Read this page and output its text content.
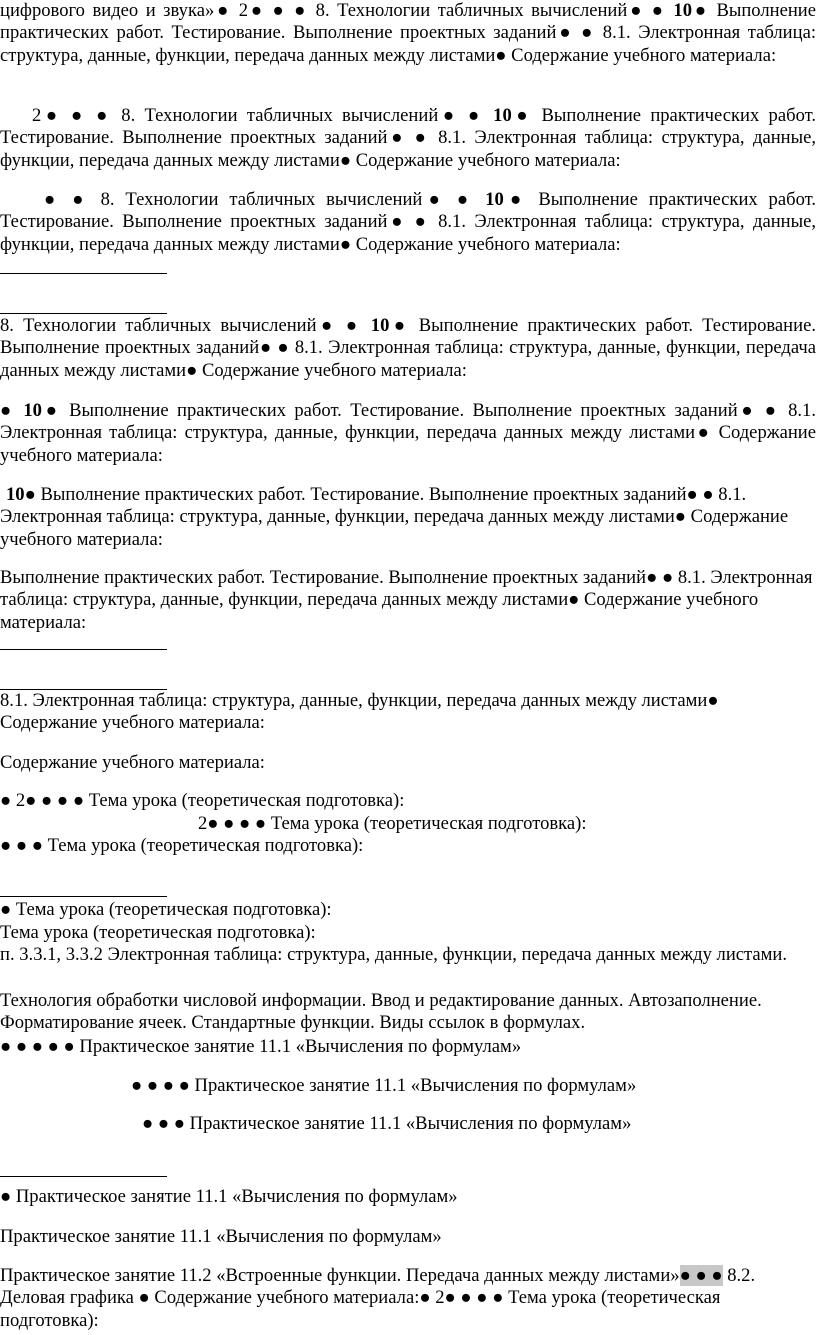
цифрового видео и звука»● 2● ● ● 8. Технологии табличных вычислений● ● 10● Выполнение практических работ. Тестирование. Выполнение проектных заданий● ● 8.1. Электронная таблица: структура, данные, функции, передача данных между листами● Содержание учебного материала:

2● ● ● 8. Технологии табличных вычислений● ● 10● Выполнение практических работ. Тестирование. Выполнение проектных заданий● ● 8.1. Электронная таблица: структура, данные, функции, передача данных между листами● Содержание учебного материала:

● ● 8. Технологии табличных вычислений● ● 10● Выполнение практических работ. Тестирование. Выполнение проектных заданий● ● 8.1. Электронная таблица: структура, данные, функции, передача данных между листами● Содержание учебного материала:

8. Технологии табличных вычислений● ● 10● Выполнение практических работ. Тестирование. Выполнение проектных заданий● ● 8.1. Электронная таблица: структура, данные, функции, передача данных между листами● Содержание учебного материала:

● 10● Выполнение практических работ. Тестирование. Выполнение проектных заданий● ● 8.1. Электронная таблица: структура, данные, функции, передача данных между листами● Содержание учебного материала:

10● Выполнение практических работ. Тестирование. Выполнение проектных заданий● ● 8.1. Электронная таблица: структура, данные, функции, передача данных между листами● Содержание учебного материала:

Выполнение практических работ. Тестирование. Выполнение проектных заданий● ● 8.1. Электронная таблица: структура, данные, функции, передача данных между листами● Содержание учебного материала:

8.1. Электронная таблица: структура, данные, функции, передача данных между листами● Содержание учебного материала:

Содержание учебного материала:

● 2● ● ● ● Тема урока (теоретическая подготовка):

2● ● ● ● Тема урока (теоретическая подготовка):

● ● ● Тема урока (теоретическая подготовка):

● Тема урока (теоретическая подготовка):

Тема урока (теоретическая подготовка):

п. 3.3.1, 3.3.2 Электронная таблица: структура, данные, функции, передача данных между листами.

Технология обработки числовой информации. Ввод и редактирование данных. Автозаполнение. Форматирование ячеек. Стандартные функции. Виды ссылок в формулах.

● ● ● ● ● Практическое занятие 11.1 «Вычисления по формулам»

● ● ● ● Практическое занятие 11.1 «Вычисления по формулам»

● ● ● Практическое занятие 11.1 «Вычисления по формулам»

● Практическое занятие 11.1 «Вычисления по формулам»

Практическое занятие 11.1 «Вычисления по формулам»

Практическое занятие 11.2 «Встроенные функции. Передача данных между листами»● ● ● 8.2. Деловая графика ● Содержание учебного материала:● 2● ● ● ● Тема урока (теоретическая подготовка):
